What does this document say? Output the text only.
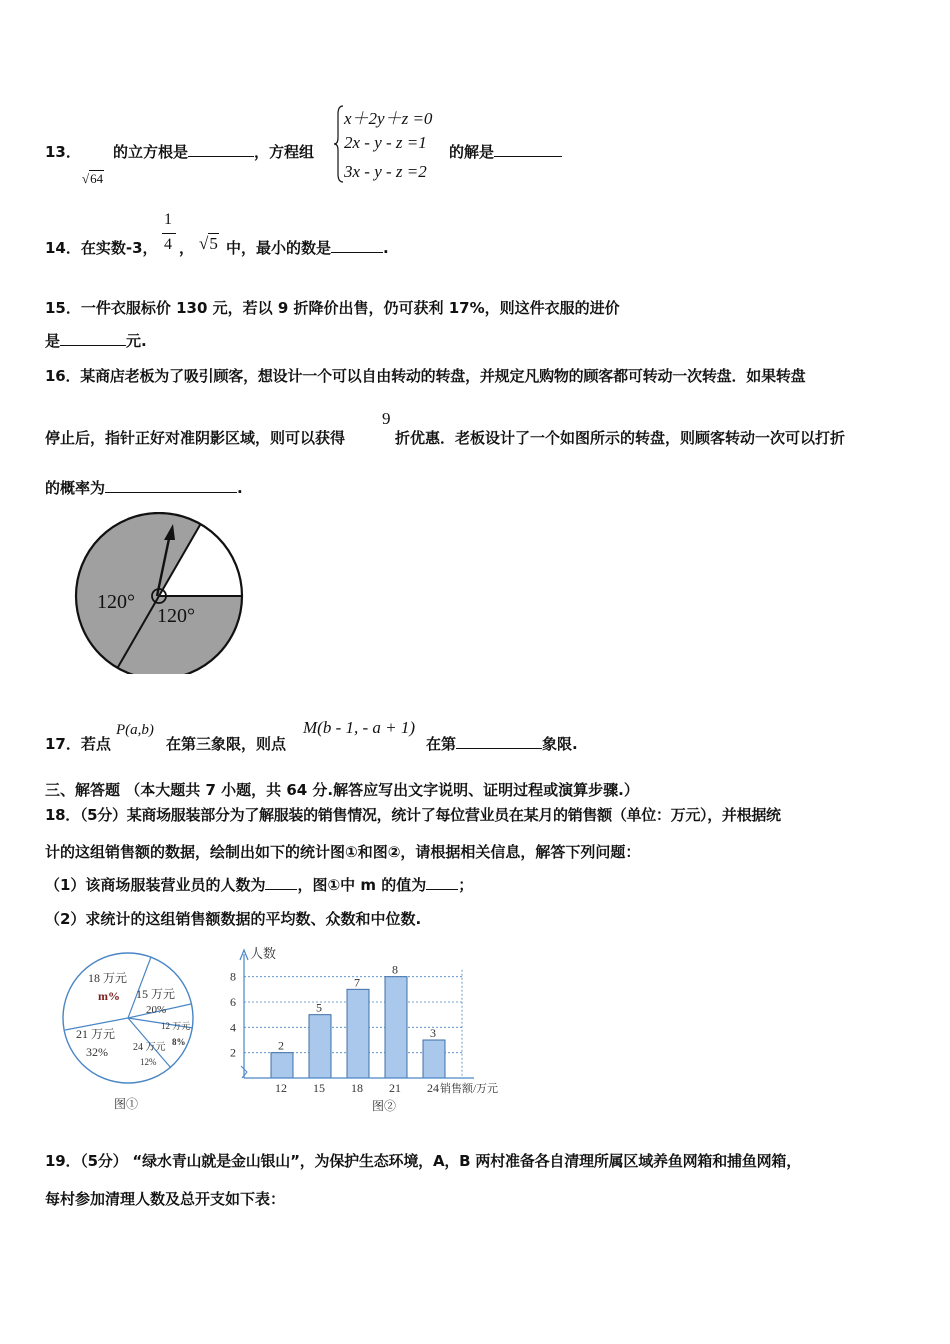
13．
√64
的立方根是	，方程组
x＋2y＋z =0
2x - y - z =1
3x - y - z =2
的解是
14．在实数-3，
1
4 ， √5 中，最小的数是	.
15．一件衣服标价 130 元，若以 9 折降价出售，仍可获利 17%，则这件衣服的进价
是	元.
16．某商店老板为了吸引顾客，想设计一个可以自由转动的转盘，并规定凡购物的顾客都可转动一次转盘．如果转盘
停止后，指针正好对准阴影区域，则可以获得
9
折优惠．老板设计了一个如图所示的转盘，则顾客转动一次可以打折
的概率为	.
120°
120°
17．若点
P(a,b)
在第三象限，则点
M(b - 1, - a + 1)
在第	象限.
三、解答题 （本大题共 7 小题，共 64 分.解答应写出文字说明、证明过程或演算步骤.）
18．（5分）某商场服装部分为了解服装的销售情况，统计了每位营业员在某月的销售额（单位：万元），并根据统
计的这组销售额的数据，绘制出如下的统计图①和图②，请根据相关信息，解答下列问题：
（1）该商场服装营业员的人数为 ，图①中 m 的值为 ；
（2）求统计的这组销售额数据的平均数、众数和中位数.
18 万元
m% 15 万元
20%
12 万元
8%
24 万元
12%
21 万元
32%
图①
2
4
6
8
2
12
5
15
7
18
8
21
3
24
人数
销售额/万元
图②
19．（5分） “绿水青山就是金山银山”，为保护生态环境，A，B 两村准备各自清理所属区域养鱼网箱和捕鱼网箱，
每村参加清理人数及总开支如下表：
